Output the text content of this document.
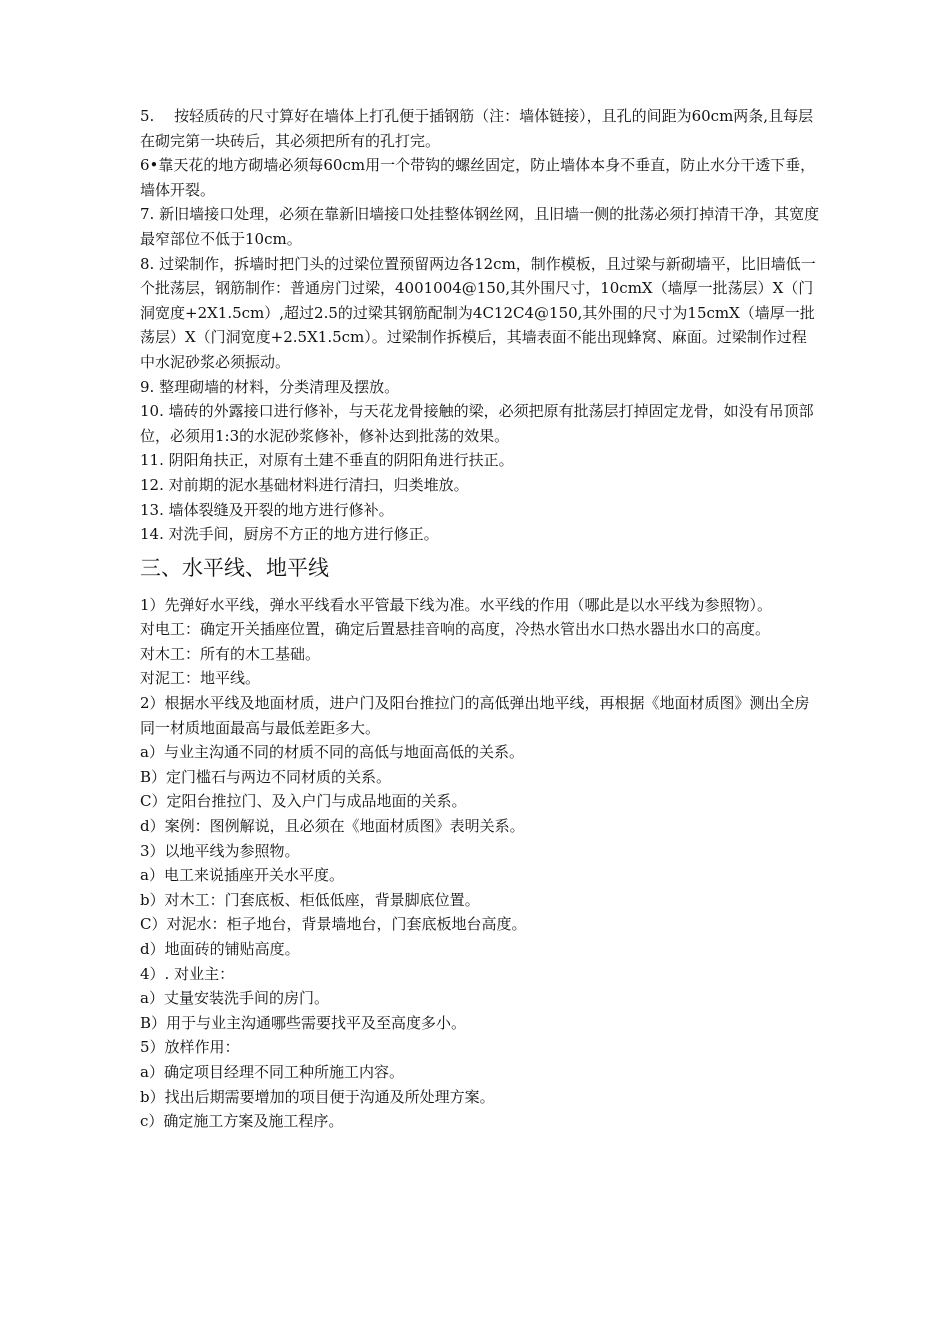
5.　 按轻质砖的尺寸算好在墙体上打孔便于插钢筋（注：墙体链接），且孔的间距为60cm两条,且每层在砌完第一块砖后，其必须把所有的孔打完。

6•靠天花的地方砌墙必须每60cm用一个带钩的螺丝固定，防止墙体本身不垂直，防止水分干透下垂，墙体开裂。

7. 新旧墙接口处理，必须在靠新旧墙接口处挂整体钢丝网，且旧墙一侧的批荡必须打掉清干净，其宽度最窄部位不低于10cm。

8. 过梁制作，拆墙时把门头的过梁位置预留两边各12cm，制作模板，且过梁与新砌墙平，比旧墙低一个批荡层，钢筋制作：普通房门过梁，4001004@150,其外围尺寸，10cmX（墙厚一批荡层）X（门洞宽度+2X1.5cm）,超过2.5的过梁其钢筋配制为4C12C4@150,其外围的尺寸为15cmX（墙厚一批荡层）X（门洞宽度+2.5X1.5cm）。过梁制作拆模后，其墙表面不能出现蜂窝、麻面。过梁制作过程中水泥砂浆必须振动。

9. 整理砌墙的材料，分类清理及摆放。

10. 墙砖的外露接口进行修补，与天花龙骨接触的梁，必须把原有批荡层打掉固定龙骨，如没有吊顶部位，必须用1:3的水泥砂浆修补，修补达到批荡的效果。

11. 阴阳角扶正，对原有土建不垂直的阴阳角进行扶正。

12. 对前期的泥水基础材料进行清扫，归类堆放。

13. 墙体裂缝及开裂的地方进行修补。

14. 对洗手间，厨房不方正的地方进行修正。

三、水平线、地平线

1）先弹好水平线，弹水平线看水平管最下线为准。水平线的作用（哪此是以水平线为参照物）。

对电工：确定开关插座位置，确定后置悬挂音响的高度，冷热水管出水口热水器出水口的高度。

对木工：所有的木工基础。

对泥工：地平线。

2）根据水平线及地面材质，进户门及阳台推拉门的高低弹出地平线，再根据《地面材质图》测出全房同一材质地面最高与最低差距多大。

a）与业主沟通不同的材质不同的高低与地面高低的关系。

B）定门槛石与两边不同材质的关系。

C）定阳台推拉门、及入户门与成品地面的关系。

d）案例：图例解说，且必须在《地面材质图》表明关系。

3）以地平线为参照物。

a）电工来说插座开关水平度。

b）对木工：门套底板、柜低低座，背景脚底位置。

C）对泥水：柜子地台，背景墙地台，门套底板地台高度。

d）地面砖的铺贴高度。

4）. 对业主：

a）丈量安装洗手间的房门。

B）用于与业主沟通哪些需要找平及至高度多小。

5）放样作用：

a）确定项目经理不同工种所施工内容。

b）找出后期需要增加的项目便于沟通及所处理方案。

c）确定施工方案及施工程序。
